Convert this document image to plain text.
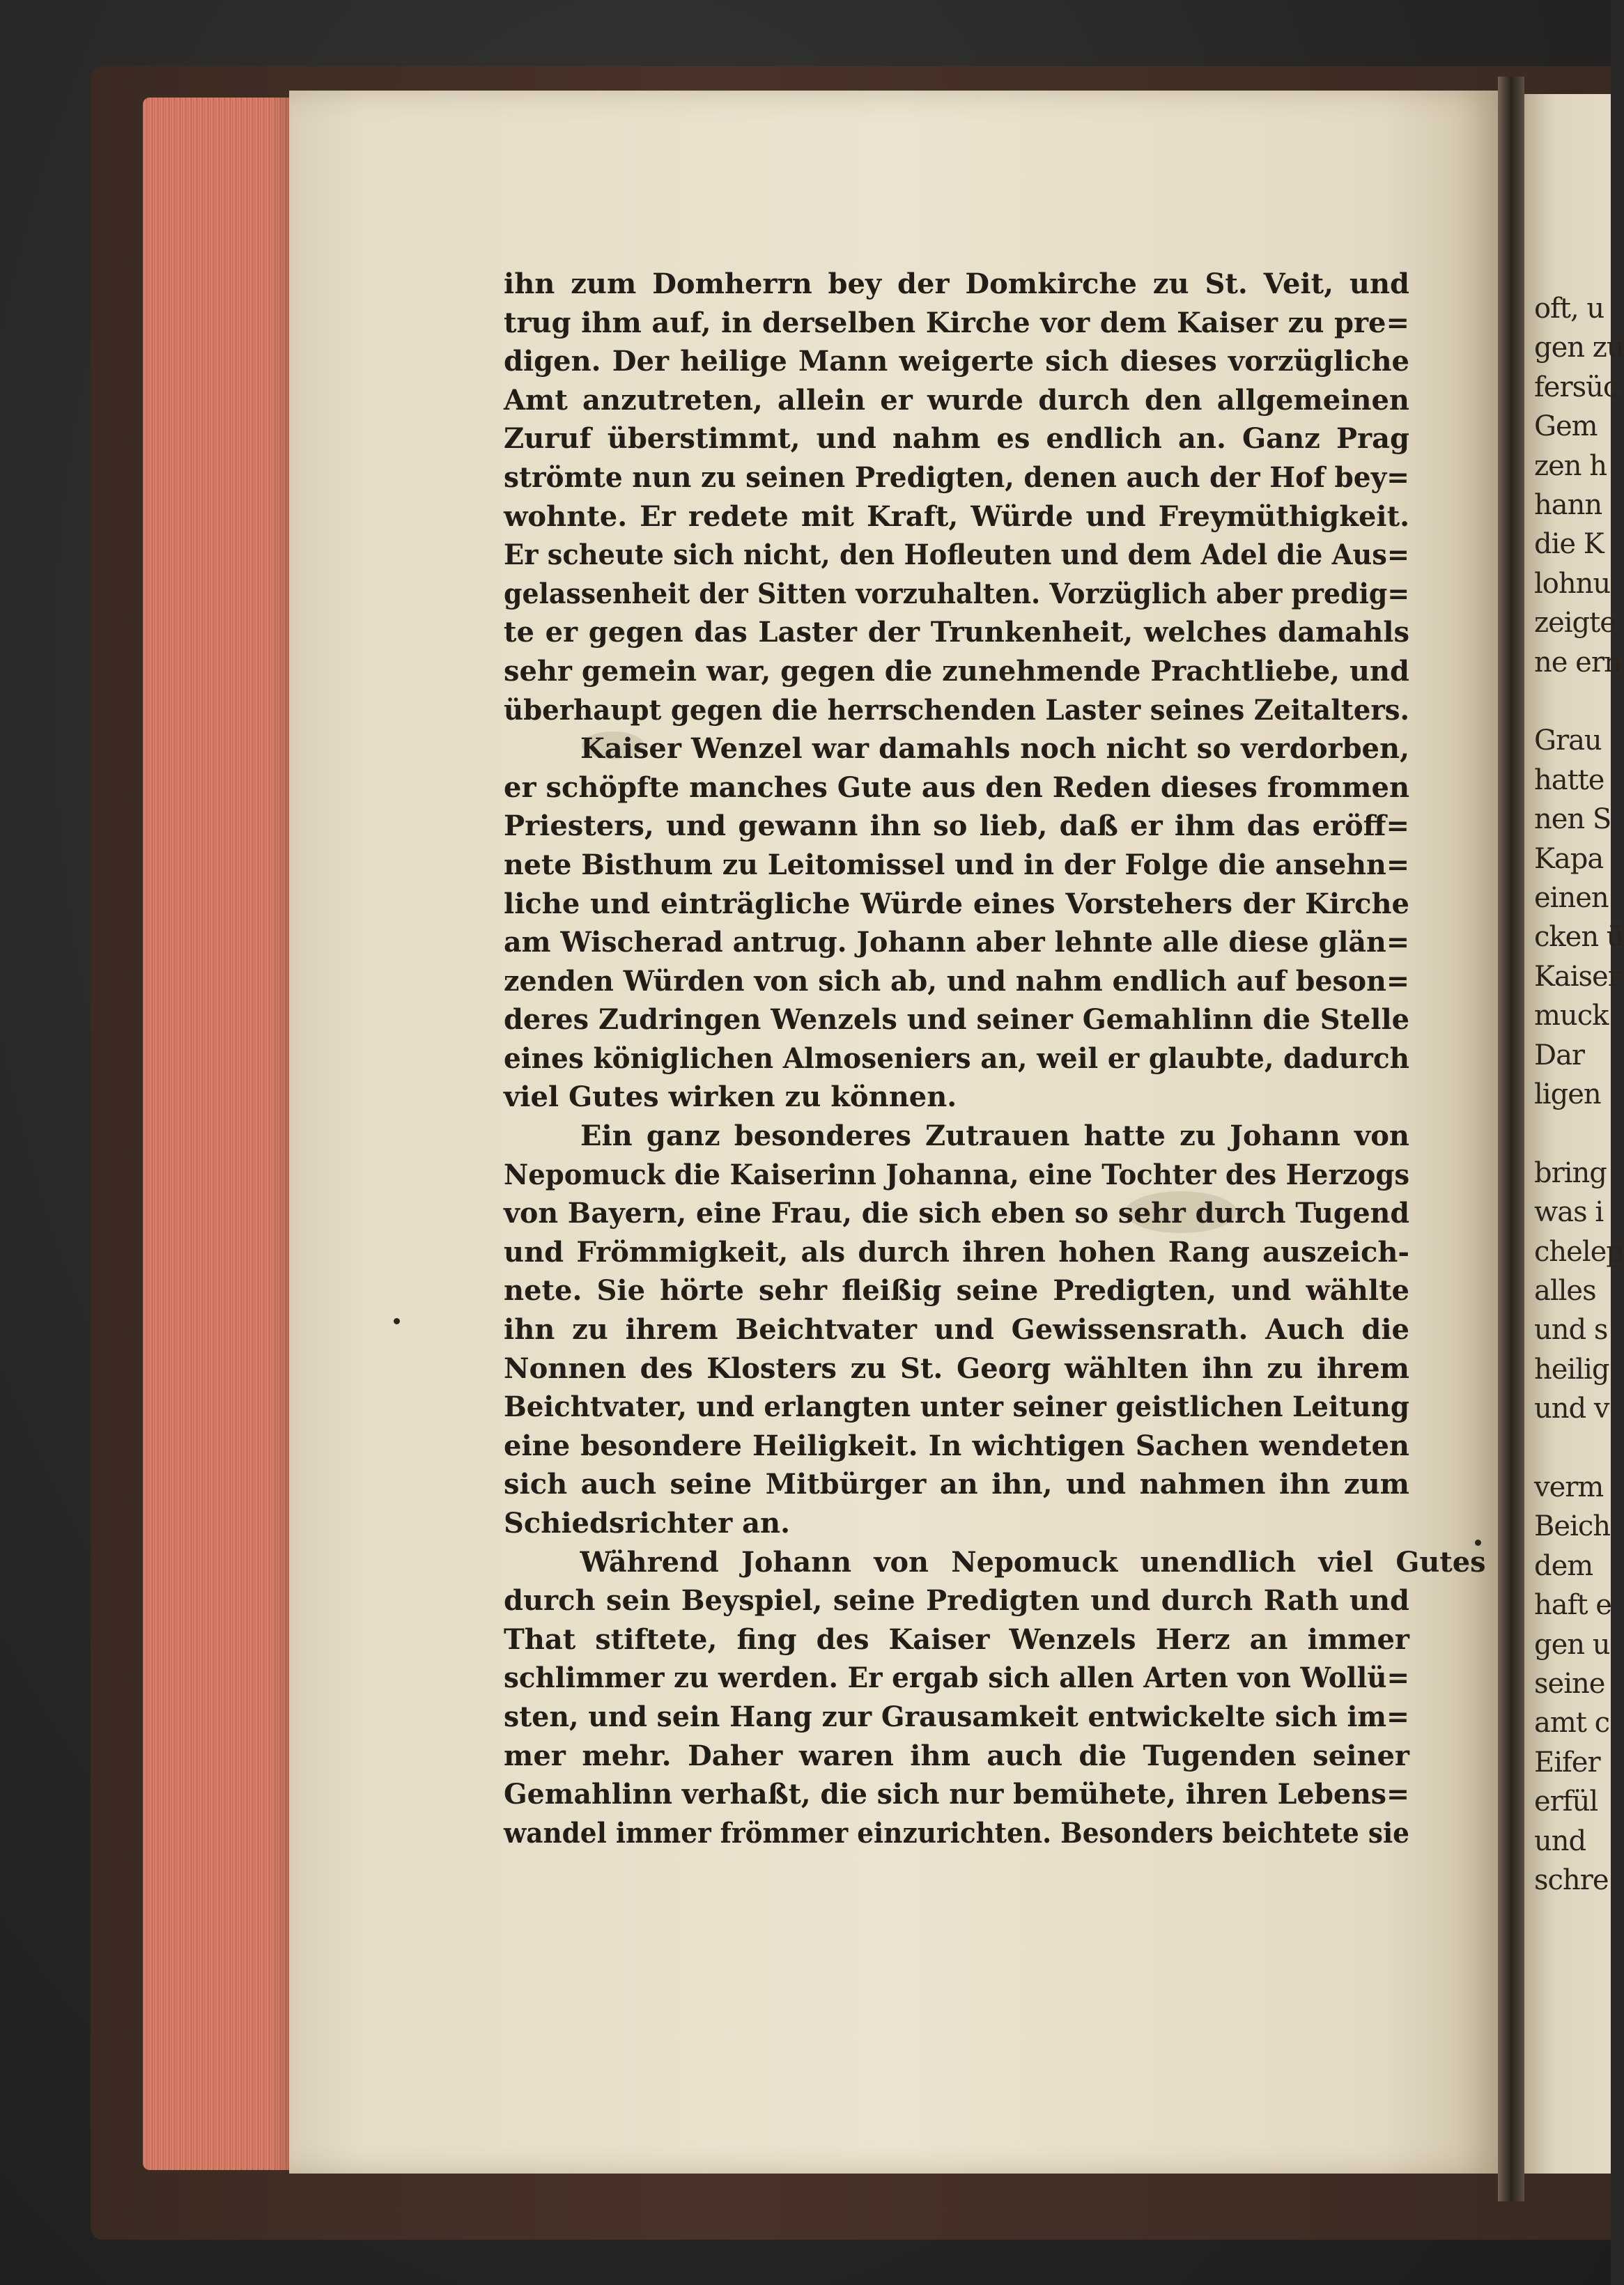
oft, u
gen zu
fersüc
Gem
zen h
hann
die K
lohnu
zeigte
ne ern
Grau
hatte
nen S
Kapa
einen
cken ü
Kaiser
muck
Dar
ligen
bring
was i
chelep
alles
und s
heilig
und v
verm
Beich
dem
haft e
gen u
seine
amt c
Eifer
erfül
und
schre
ihn zum Domherrn bey der Domkirche zu St. Veit, und
trug ihm auf, in derselben Kirche vor dem Kaiser zu pre=
digen. Der heilige Mann weigerte sich dieses vorzügliche
Amt anzutreten, allein er wurde durch den allgemeinen
Zuruf überstimmt, und nahm es endlich an. Ganz Prag
strömte nun zu seinen Predigten, denen auch der Hof bey=
wohnte. Er redete mit Kraft, Würde und Freymüthigkeit.
Er scheute sich nicht, den Hofleuten und dem Adel die Aus=
gelassenheit der Sitten vorzuhalten. Vorzüglich aber predig=
te er gegen das Laster der Trunkenheit, welches damahls
sehr gemein war, gegen die zunehmende Prachtliebe, und
überhaupt gegen die herrschenden Laster seines Zeitalters.
Kaiser Wenzel war damahls noch nicht so verdorben,
er schöpfte manches Gute aus den Reden dieses frommen
Priesters, und gewann ihn so lieb, daß er ihm das eröff=
nete Bisthum zu Leitomissel und in der Folge die ansehn=
liche und einträgliche Würde eines Vorstehers der Kirche
am Wischerad antrug. Johann aber lehnte alle diese glän=
zenden Würden von sich ab, und nahm endlich auf beson=
deres Zudringen Wenzels und seiner Gemahlinn die Stelle
eines königlichen Almoseniers an, weil er glaubte, dadurch
viel Gutes wirken zu können.
Ein ganz besonderes Zutrauen hatte zu Johann von
Nepomuck die Kaiserinn Johanna, eine Tochter des Herzogs
von Bayern, eine Frau, die sich eben so sehr durch Tugend
und Frömmigkeit, als durch ihren hohen Rang auszeich-
nete. Sie hörte sehr fleißig seine Predigten, und wählte
ihn zu ihrem Beichtvater und Gewissensrath. Auch die
Nonnen des Klosters zu St. Georg wählten ihn zu ihrem
Beichtvater, und erlangten unter seiner geistlichen Leitung
eine besondere Heiligkeit. In wichtigen Sachen wendeten
sich auch seine Mitbürger an ihn, und nahmen ihn zum
Schiedsrichter an.
Während Johann von Nepomuck unendlich viel Gutes
durch sein Beyspiel, seine Predigten und durch Rath und
That stiftete, fing des Kaiser Wenzels Herz an immer
schlimmer zu werden. Er ergab sich allen Arten von Wollü=
sten, und sein Hang zur Grausamkeit entwickelte sich im=
mer mehr. Daher waren ihm auch die Tugenden seiner
Gemahlinn verhaßt, die sich nur bemühete, ihren Lebens=
wandel immer frömmer einzurichten. Besonders beichtete sie
